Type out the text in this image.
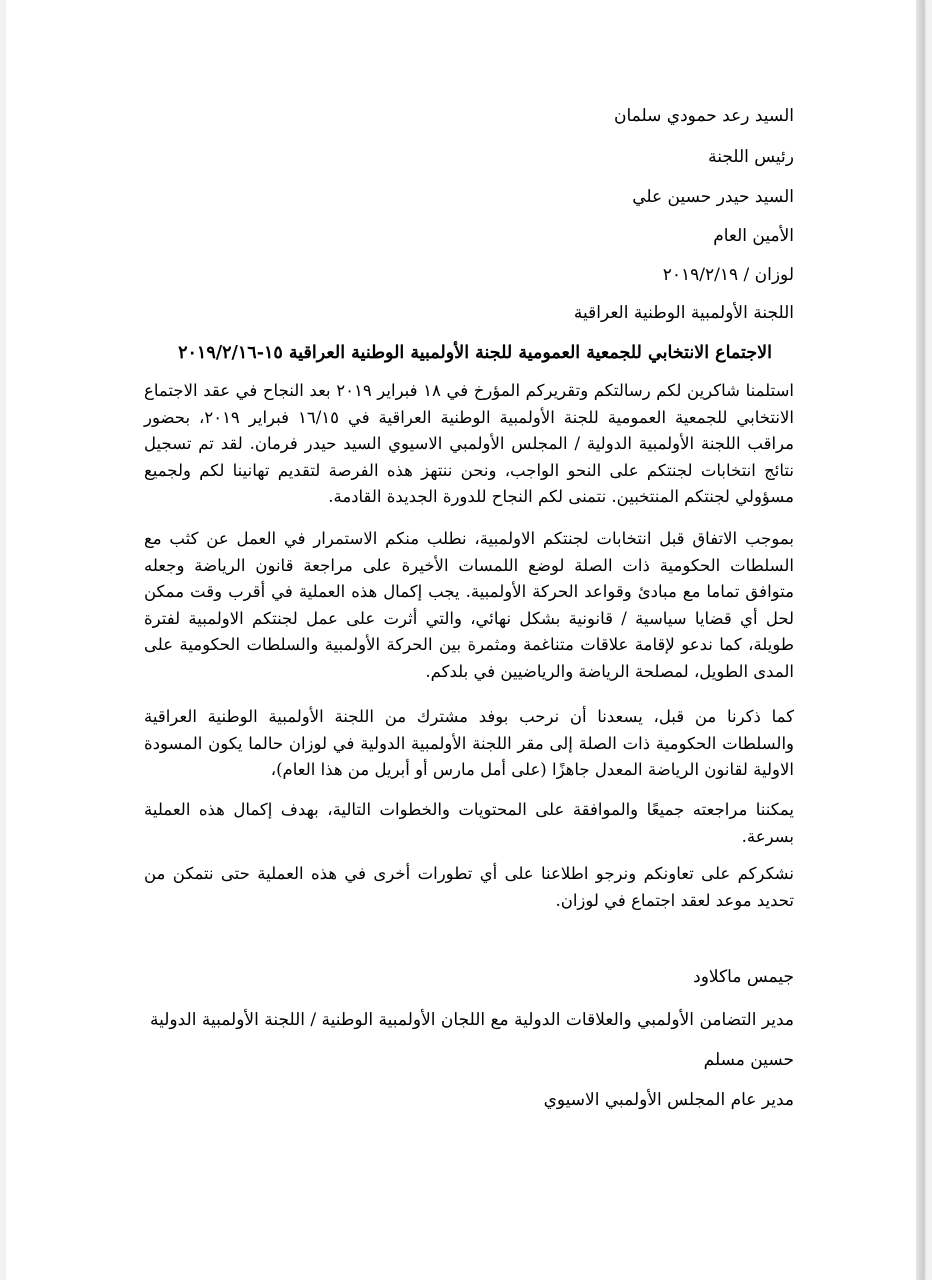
السيد رعد حمودي سلمان
رئيس اللجنة
السيد حيدر حسين علي
الأمين العام
لوزان / ٢٠١٩/٢/١٩
اللجنة الأولمبية الوطنية العراقية
الاجتماع الانتخابي للجمعية العمومية للجنة الأولمبية الوطنية العراقية ١٥-٢٠١٩/٢/١٦
استلمنا شاكرين لكم رسالتكم وتقريركم المؤرخ في ١٨ فبراير ٢٠١٩ بعد النجاح في عقد الاجتماع الانتخابي للجمعية العمومية للجنة الأولمبية الوطنية العراقية في ١٦/١٥ فبراير ٢٠١٩، بحضور مراقب اللجنة الأولمبية الدولية / المجلس الأولمبي الاسيوي السيد حيدر فرمان. لقد تم تسجيل نتائج انتخابات لجنتكم على النحو الواجب، ونحن ننتهز هذه الفرصة لتقديم تهانينا لكم ولجميع مسؤولي لجنتكم المنتخبين. نتمنى لكم النجاح للدورة الجديدة القادمة.
بموجب الاتفاق قبل انتخابات لجنتكم الاولمبية، نطلب منكم الاستمرار في العمل عن كثب مع السلطات الحكومية ذات الصلة لوضع اللمسات الأخيرة على مراجعة قانون الرياضة وجعله متوافق تماما مع مبادئ وقواعد الحركة الأولمبية. يجب إكمال هذه العملية في أقرب وقت ممكن لحل أي قضايا سياسية / قانونية بشكل نهائي، والتي أثرت على عمل لجنتكم الاولمبية لفترة طويلة، كما ندعو لإقامة علاقات متناغمة ومثمرة بين الحركة الأولمبية والسلطات الحكومية على المدى الطويل، لمصلحة الرياضة والرياضيين في بلدكم.
كما ذكرنا من قبل، يسعدنا أن نرحب بوفد مشترك من اللجنة الأولمبية الوطنية العراقية والسلطات الحكومية ذات الصلة إلى مقر اللجنة الأولمبية الدولية في لوزان حالما يكون المسودة الاولية لقانون الرياضة المعدل جاهزًا (على أمل مارس أو أبريل من هذا العام)،
يمكننا مراجعته جميعًا والموافقة على المحتويات والخطوات التالية، بهدف إكمال هذه العملية بسرعة.
نشكركم على تعاونكم ونرجو اطلاعنا على أي تطورات أخرى في هذه العملية حتى نتمكن من تحديد موعد لعقد اجتماع في لوزان.
جيمس ماكلاود
مدير التضامن الأولمبي والعلاقات الدولية مع اللجان الأولمبية الوطنية / اللجنة الأولمبية الدولية
حسين مسلم
مدير عام المجلس الأولمبي الاسيوي
